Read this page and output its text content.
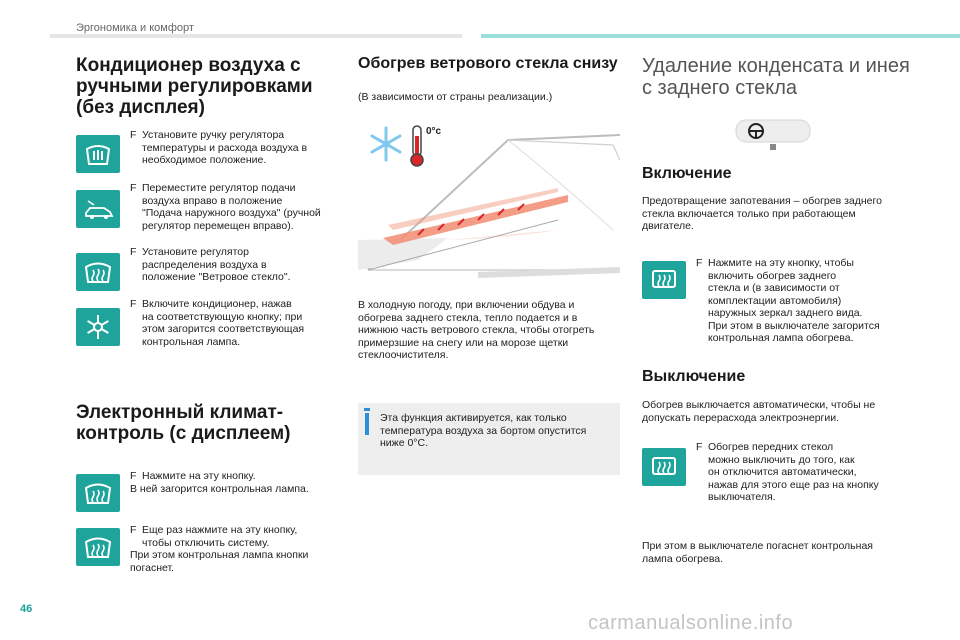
Эргономика и комфорт
46
Кондиционер воздуха с ручными регулировками (без дисплея)
F Установите ручку регулятора
температуры и расхода воздуха в
необходимое положение.
F Переместите регулятор подачи
воздуха вправо в положение
"Подача наружного воздуха" (ручной
регулятор перемещен вправо).
F Установите регулятор
распределения воздуха в
положение "Ветровое стекло".
F Включите кондиционер, нажав
на соответствующую кнопку; при
этом загорится соответствующая
контрольная лампа.
Электронный климат-контроль (с дисплеем)
F Нажмите на эту кнопку.
В ней загорится контрольная лампа.
F Еще раз нажмите на эту кнопку,
чтобы отключить систему.
При этом контрольная лампа кнопки
погаснет.
Обогрев ветрового стекла снизу
(В зависимости от страны реализации.)
0°c
В холодную погоду, при включении обдува и
обогрева заднего стекла, тепло подается и в
нижнюю часть ветрового стекла, чтобы отогреть
примерзшие на снегу или на морозе щетки
стеклоочистителя.
Эта функция активируется, как только
температура воздуха за бортом опустится
ниже 0°C.
Удаление конденсата и инея
с заднего стекла
Включение
Предотвращение запотевания – обогрев заднего
стекла включается только при работающем
двигателе.
F Нажмите на эту кнопку, чтобы
включить обогрев заднего
стекла и (в зависимости от
комплектации автомобиля)
наружных зеркал заднего вида.
При этом в выключателе загорится
контрольная лампа обогрева.
Выключение
Обогрев выключается автоматически, чтобы не
допускать перерасхода электроэнергии.
F Обогрев передних стекол
можно выключить до того, как
он отключится автоматически,
нажав для этого еще раз на кнопку
выключателя.
При этом в выключателе погаснет контрольная
лампа обогрева.
carmanualsonline.info
